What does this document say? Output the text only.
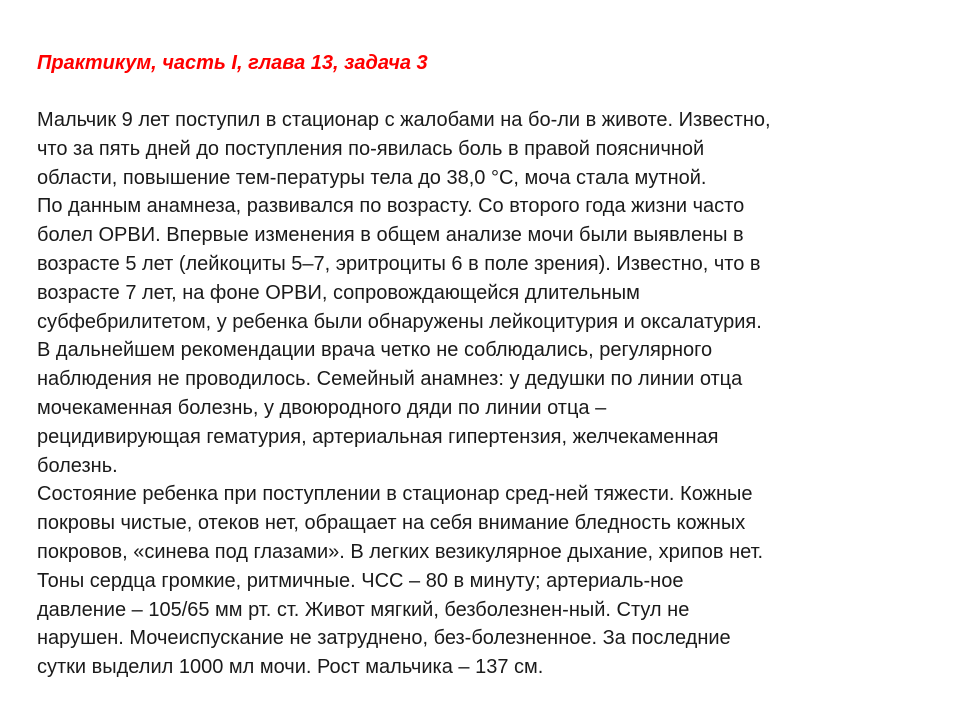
Практикум, часть I, глава 13, задача 3
Мальчик 9 лет поступил в стационар с жалобами на бо-ли в животе. Известно,
что за пять дней до поступления по-явилась боль в правой поясничной
области, повышение тем-пературы тела до 38,0 °С, моча стала мутной.
По данным анамнеза, развивался по возрасту. Со второго года жизни часто
болел ОРВИ. Впервые изменения в общем анализе мочи были выявлены в
возрасте 5 лет (лейкоциты 5–7, эритроциты 6 в поле зрения). Известно, что в
возрасте 7 лет, на фоне ОРВИ, сопровождающейся длительным
субфебрилитетом, у ребенка были обнаружены лейкоцитурия и оксалатурия.
В дальнейшем рекомендации врача четко не соблюдались, регулярного
наблюдения не проводилось. Семейный анамнез: у дедушки по линии отца
мочекаменная болезнь, у двоюродного дяди по линии отца –
рецидивирующая гематурия, артериальная гипертензия, желчекаменная
болезнь.
Состояние ребенка при поступлении в стационар сред-ней тяжести. Кожные
покровы чистые, отеков нет, обращает на себя внимание бледность кожных
покровов, «синева под глазами». В легких везикулярное дыхание, хрипов нет.
Тоны сердца громкие, ритмичные. ЧСС – 80 в минуту; артериаль-ное
давление – 105/65 мм рт. ст. Живот мягкий, безболезнен-ный. Стул не
нарушен. Мочеиспускание не затруднено, без-болезненное. За последние
сутки выделил 1000 мл мочи. Рост мальчика – 137 см.
